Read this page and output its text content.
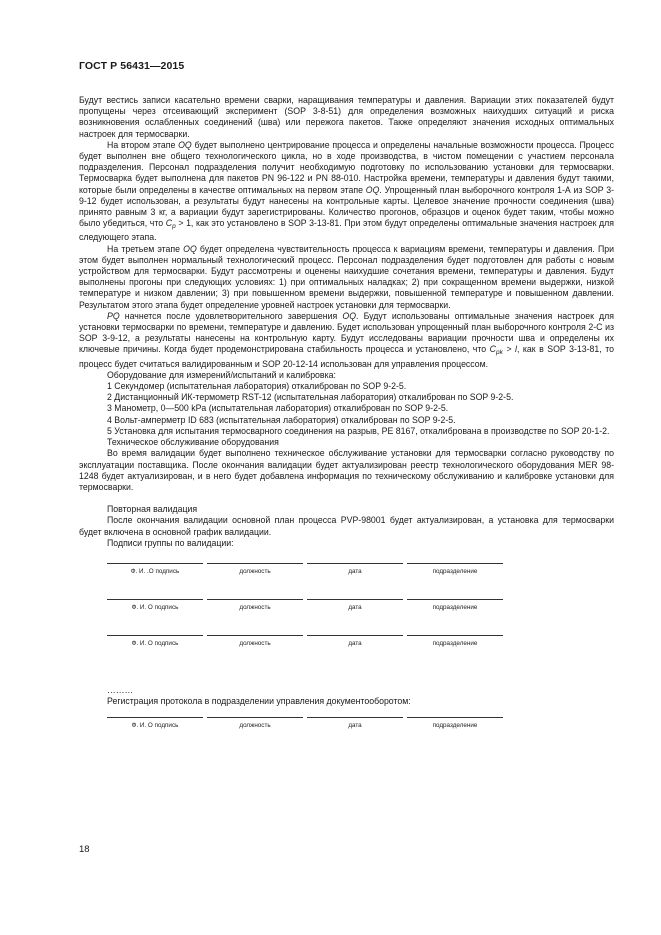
ГОСТ Р 56431—2015

Будут вестись записи касательно времени сварки, наращивания температуры и давления. Вариации этих показателей будут пропущены через отсеивающий эксперимент (SOP 3-8-51) для определения возможных наихудших ситуаций и риска возникновения ослабленных соединений (шва) или пережога пакетов. Также определяют значения исходных оптимальных настроек для термосварки.

На втором этапе OQ будет выполнено центрирование процесса и определены начальные возможности процесса. Процесс будет выполнен вне общего технологического цикла, но в ходе производства, в чистом помещении с участием персонала подразделения. Персонал подразделения получит необходимую подготовку по использованию установки для термосварки. Термосварка будет выполнена для пакетов PN 96-122 и PN 88-010. Настройка времени, температуры и давления будут такими, которые были определены в качестве оптимальных на первом этапе OQ. Упрощенный план выборочного контроля 1-А из SOP 3-9-12 будет использован, а результаты будут нанесены на контрольные карты. Целевое значение прочности соединения (шва) принято равным 3 кг, а вариации будут зарегистрированы. Количество прогонов, образцов и оценок будет таким, чтобы можно было убедиться, что $C_p > 1$, как это установлено в SOP 3-13-81. При этом будут определены оптимальные значения настроек для следующего этапа.

На третьем этапе OQ будет определена чувствительность процесса к вариациям времени, температуры и давления. При этом будет выполнен нормальный технологический процесс. Персонал подразделения будет подготовлен для работы с новым устройством для термосварки. Будут рассмотрены и оценены наихудшие сочетания времени, температуры и давления. Будут выполнены прогоны при следующих условиях: 1) при оптимальных наладках; 2) при сокращенном времени выдержки, низкой температуре и низком давлении; 3) при повышенном времени выдержки, повышенной температуре и повышенном давлении. Результатом этого этапа будет определение уровней настроек установки для термосварки.

PQ начнется после удовлетворительного завершения OQ. Будут использованы оптимальные значения настроек для установки термосварки по времени, температуре и давлению. Будет использован упрощенный план выборочного контроля 2-С из SOP 3-9-12, а результаты нанесены на контрольную карту. Будут исследованы вариации прочности шва и определены их ключевые причины. Когда будет продемонстрирована стабильность процесса и установлено, что $C_{pk} > l$, как в SOP 3-13-81, то процесс будет считаться валидированным и SOP 20-12-14 использован для управления процессом.

Оборудование для измерений/испытаний и калибровка:

1 Секундомер (испытательная лаборатория) откалиброван по SOP 9-2-5.

2 Дистанционный ИК-термометр RST-12 (испытательная лаборатория) откалиброван по SOP 9-2-5.

3 Манометр, 0—500 kPa (испытательная лаборатория) откалиброван по SOP 9-2-5.

4 Вольт-амперметр ID 683 (испытательная лаборатория) откалиброван по SOP 9-2-5.

5 Установка для испытания термосварного соединения на разрыв, PE 8167, откалибрована в производстве по SOP 20-1-2.

Техническое обслуживание оборудования

Во время валидации будет выполнено техническое обслуживание установки для термосварки согласно руководству по эксплуатации поставщика. После окончания валидации будет актуализирован реестр технологического оборудования MER 98-1248 будет актуализирован, и в него будет добавлена информация по техническому обслуживанию и калибровке установки для термосварки.

Повторная валидация

После окончания валидации основной план процесса PVP-98001 будет актуализирован, а установка для термосварки будет включена в основной график валидации.

Подписи группы по валидации:

Ф. И. .О подпись	должность	дата	подразделение
Ф. И. О подпись	должность	дата	подразделение
Ф. И. О подпись	должность	дата	подразделение

………

Регистрация протокола в подразделении управления документооборотом:

Ф. И. О подпись	должность	дата	подразделение
18
